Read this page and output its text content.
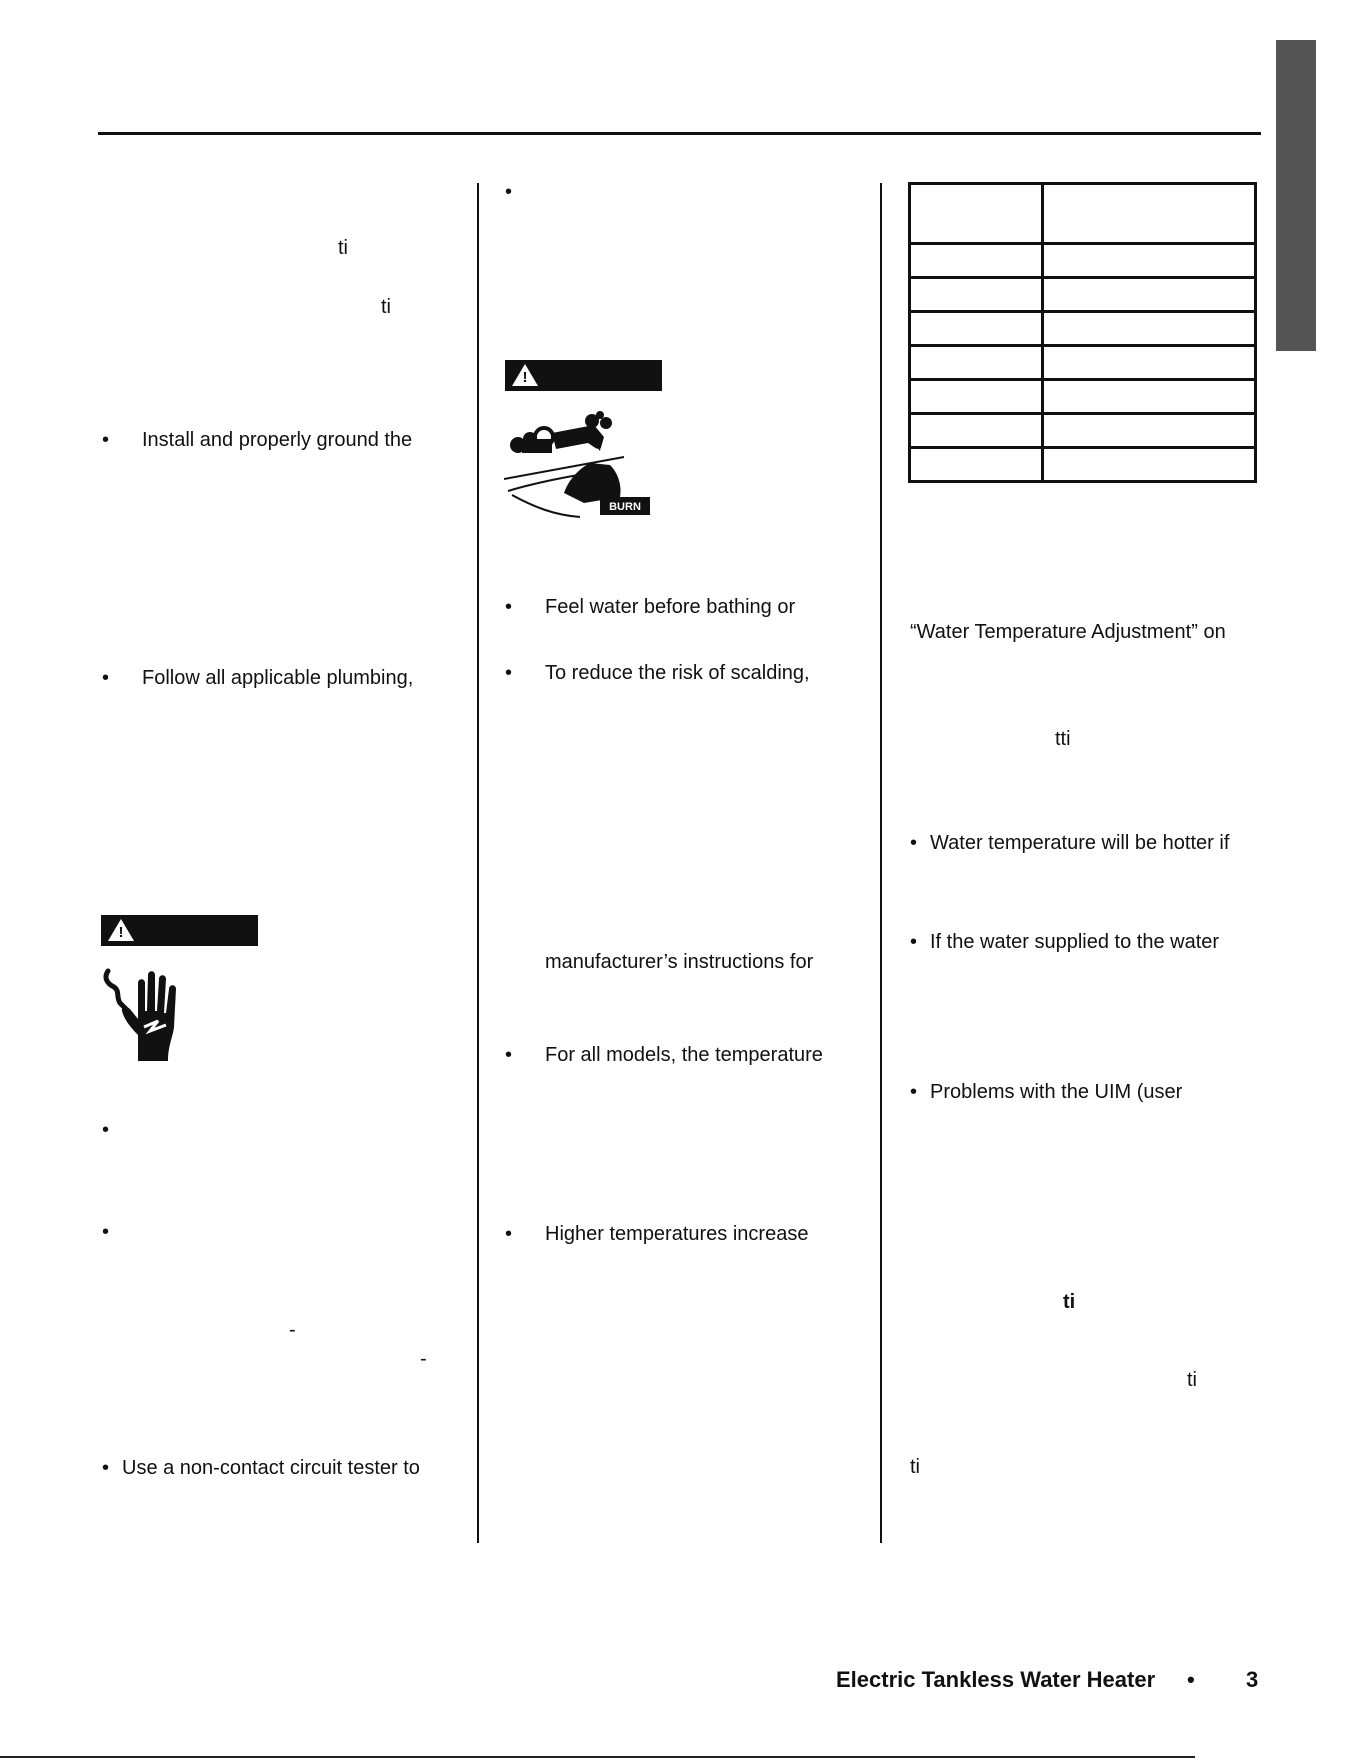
ti
ti
• Install and properly ground the
• Follow all applicable plumbing,
!
•
•
-
-
• Use a non-contact circuit tester to
•
!
BURN
HOT
• Feel water before bathing or
• To reduce the risk of scalding,
manufacturer’s instructions for
• For all models, the temperature
• Higher temperatures increase

“Water Temperature Adjustment” on
tti
• Water temperature will be hotter if
• If the water supplied to the water
• Problems with the UIM (user
ti
ti
ti
Electric Tankless Water Heater • 3
